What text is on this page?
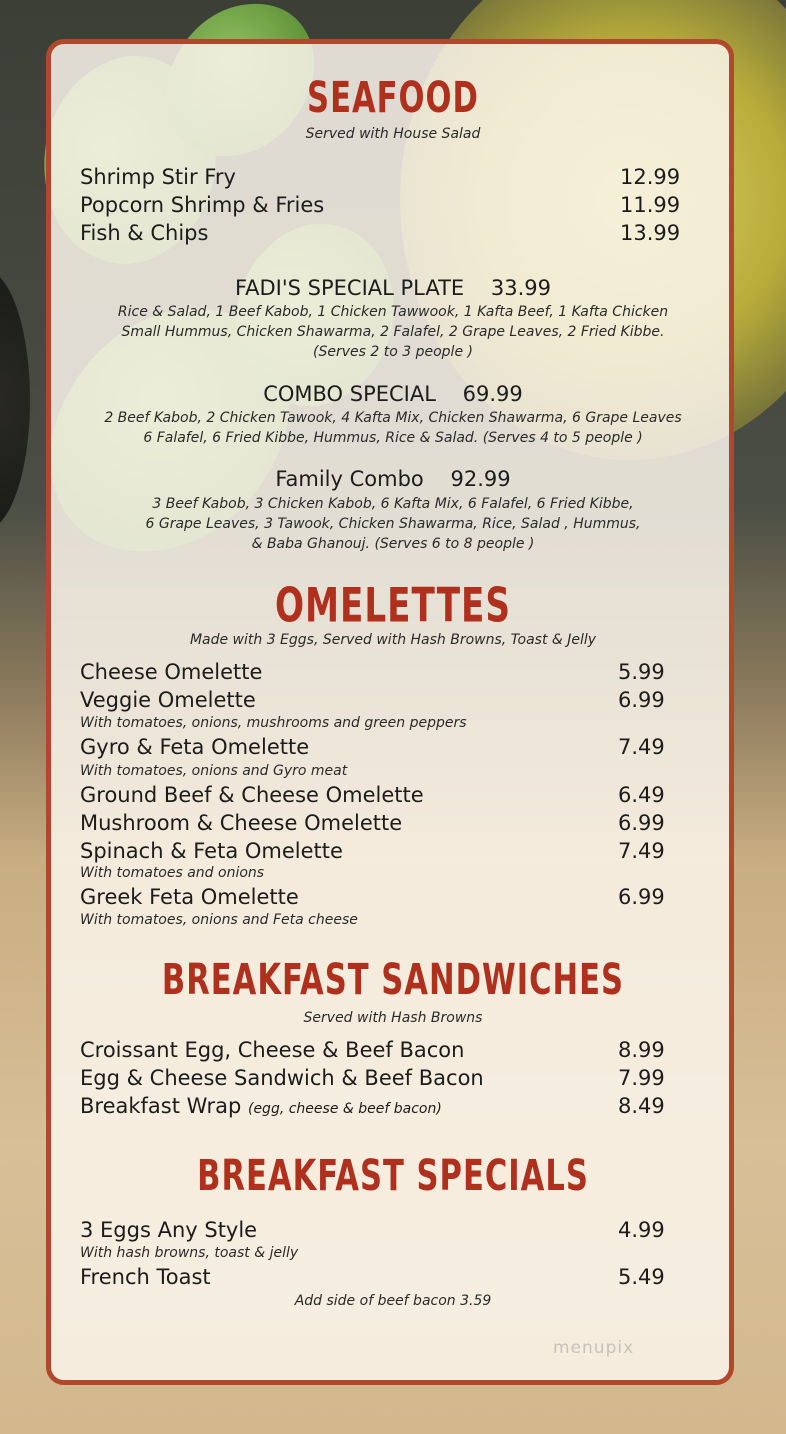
SEAFOOD
Served with House Salad
Shrimp Stir Fry	12.99
Popcorn Shrimp & Fries	11.99
Fish & Chips	13.99
FADI'S SPECIAL PLATE 33.99
Rice & Salad, 1 Beef Kabob, 1 Chicken Tawwook, 1 Kafta Beef, 1 Kafta Chicken
Small Hummus, Chicken Shawarma, 2 Falafel, 2 Grape Leaves, 2 Fried Kibbe.
(Serves 2 to 3 people )
COMBO SPECIAL 69.99
2 Beef Kabob, 2 Chicken Tawook, 4 Kafta Mix, Chicken Shawarma, 6 Grape Leaves
6 Falafel, 6 Fried Kibbe, Hummus, Rice & Salad. (Serves 4 to 5 people )
Family Combo 92.99
3 Beef Kabob, 3 Chicken Kabob, 6 Kafta Mix, 6 Falafel, 6 Fried Kibbe,
6 Grape Leaves, 3 Tawook, Chicken Shawarma, Rice, Salad , Hummus,
& Baba Ghanouj. (Serves 6 to 8 people )
OMELETTES
Made with 3 Eggs, Served with Hash Browns, Toast & Jelly
Cheese Omelette	5.99
Veggie Omelette	6.99
With tomatoes, onions, mushrooms and green peppers
Gyro & Feta Omelette	7.49
With tomatoes, onions and Gyro meat
Ground Beef & Cheese Omelette	6.49
Mushroom & Cheese Omelette	6.99
Spinach & Feta Omelette	7.49
With tomatoes and onions
Greek Feta Omelette	6.99
With tomatoes, onions and Feta cheese
BREAKFAST SANDWICHES
Served with Hash Browns
Croissant Egg, Cheese & Beef Bacon	8.99
Egg & Cheese Sandwich & Beef Bacon	7.99
Breakfast Wrap (egg, cheese & beef bacon)	8.49
BREAKFAST SPECIALS
3 Eggs Any Style	4.99
With hash browns, toast & jelly
French Toast	5.49
Add side of beef bacon 3.59
menupix
